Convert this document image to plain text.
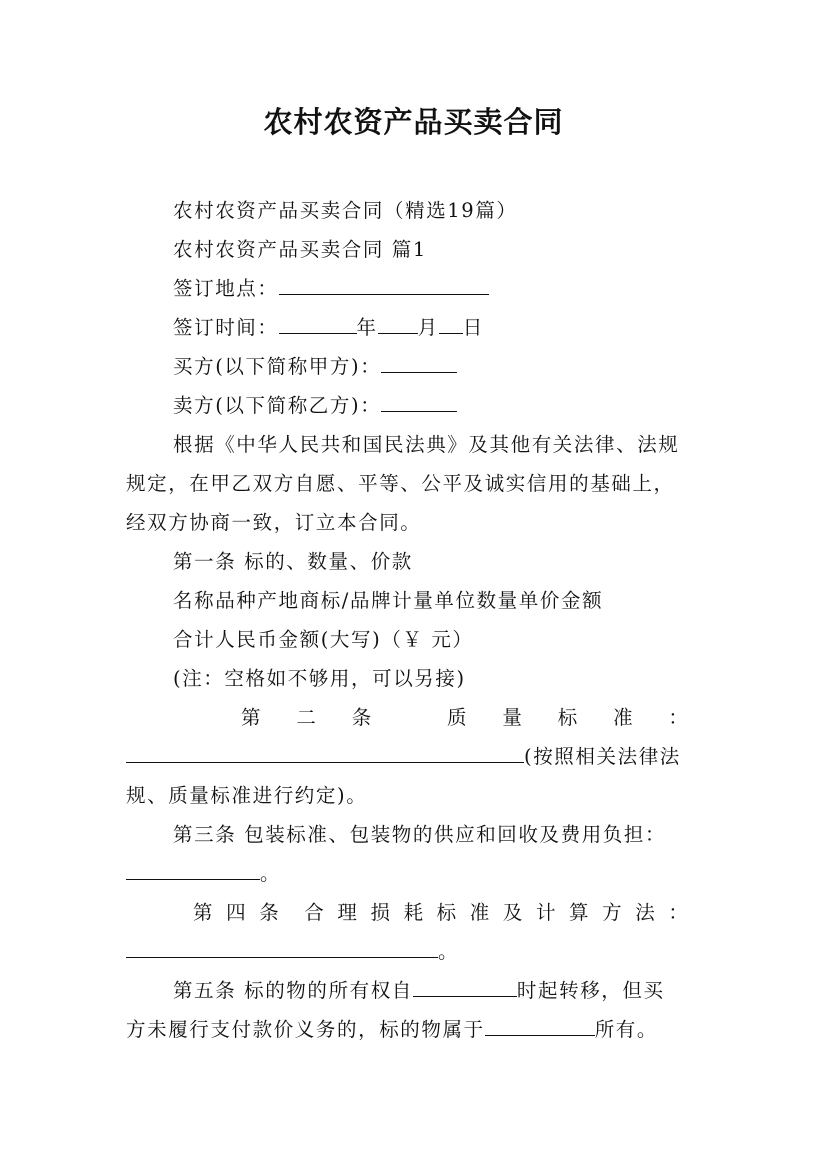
农村农资产品买卖合同
农村农资产品买卖合同（精选19篇）
农村农资产品买卖合同 篇1
签订地点：
签订时间：	年 月 日
买方(以下简称甲方)：
卖方(以下简称乙方)：
根据《中华人民共和国民法典》及其他有关法律、法规
规定，在甲乙双方自愿、平等、公平及诚实信用的基础上，
经双方协商一致，订立本合同。
第一条 标的、数量、价款
名称品种产地商标/品牌计量单位数量单价金额
合计人民币金额(大写)（￥ 元）
(注：空格如不够用，可以另接)
第 二 条	质 量 标 准 ：
(按照相关法律法
规、质量标准进行约定)。
第三条 包装标准、包装物的供应和回收及费用负担：
。
第 四 条 合 理 损 耗 标 准 及 计 算 方 法 ：
。
第五条 标的物的所有权自	时起转移，但买
方未履行支付款价义务的，标的物属于	所有。
